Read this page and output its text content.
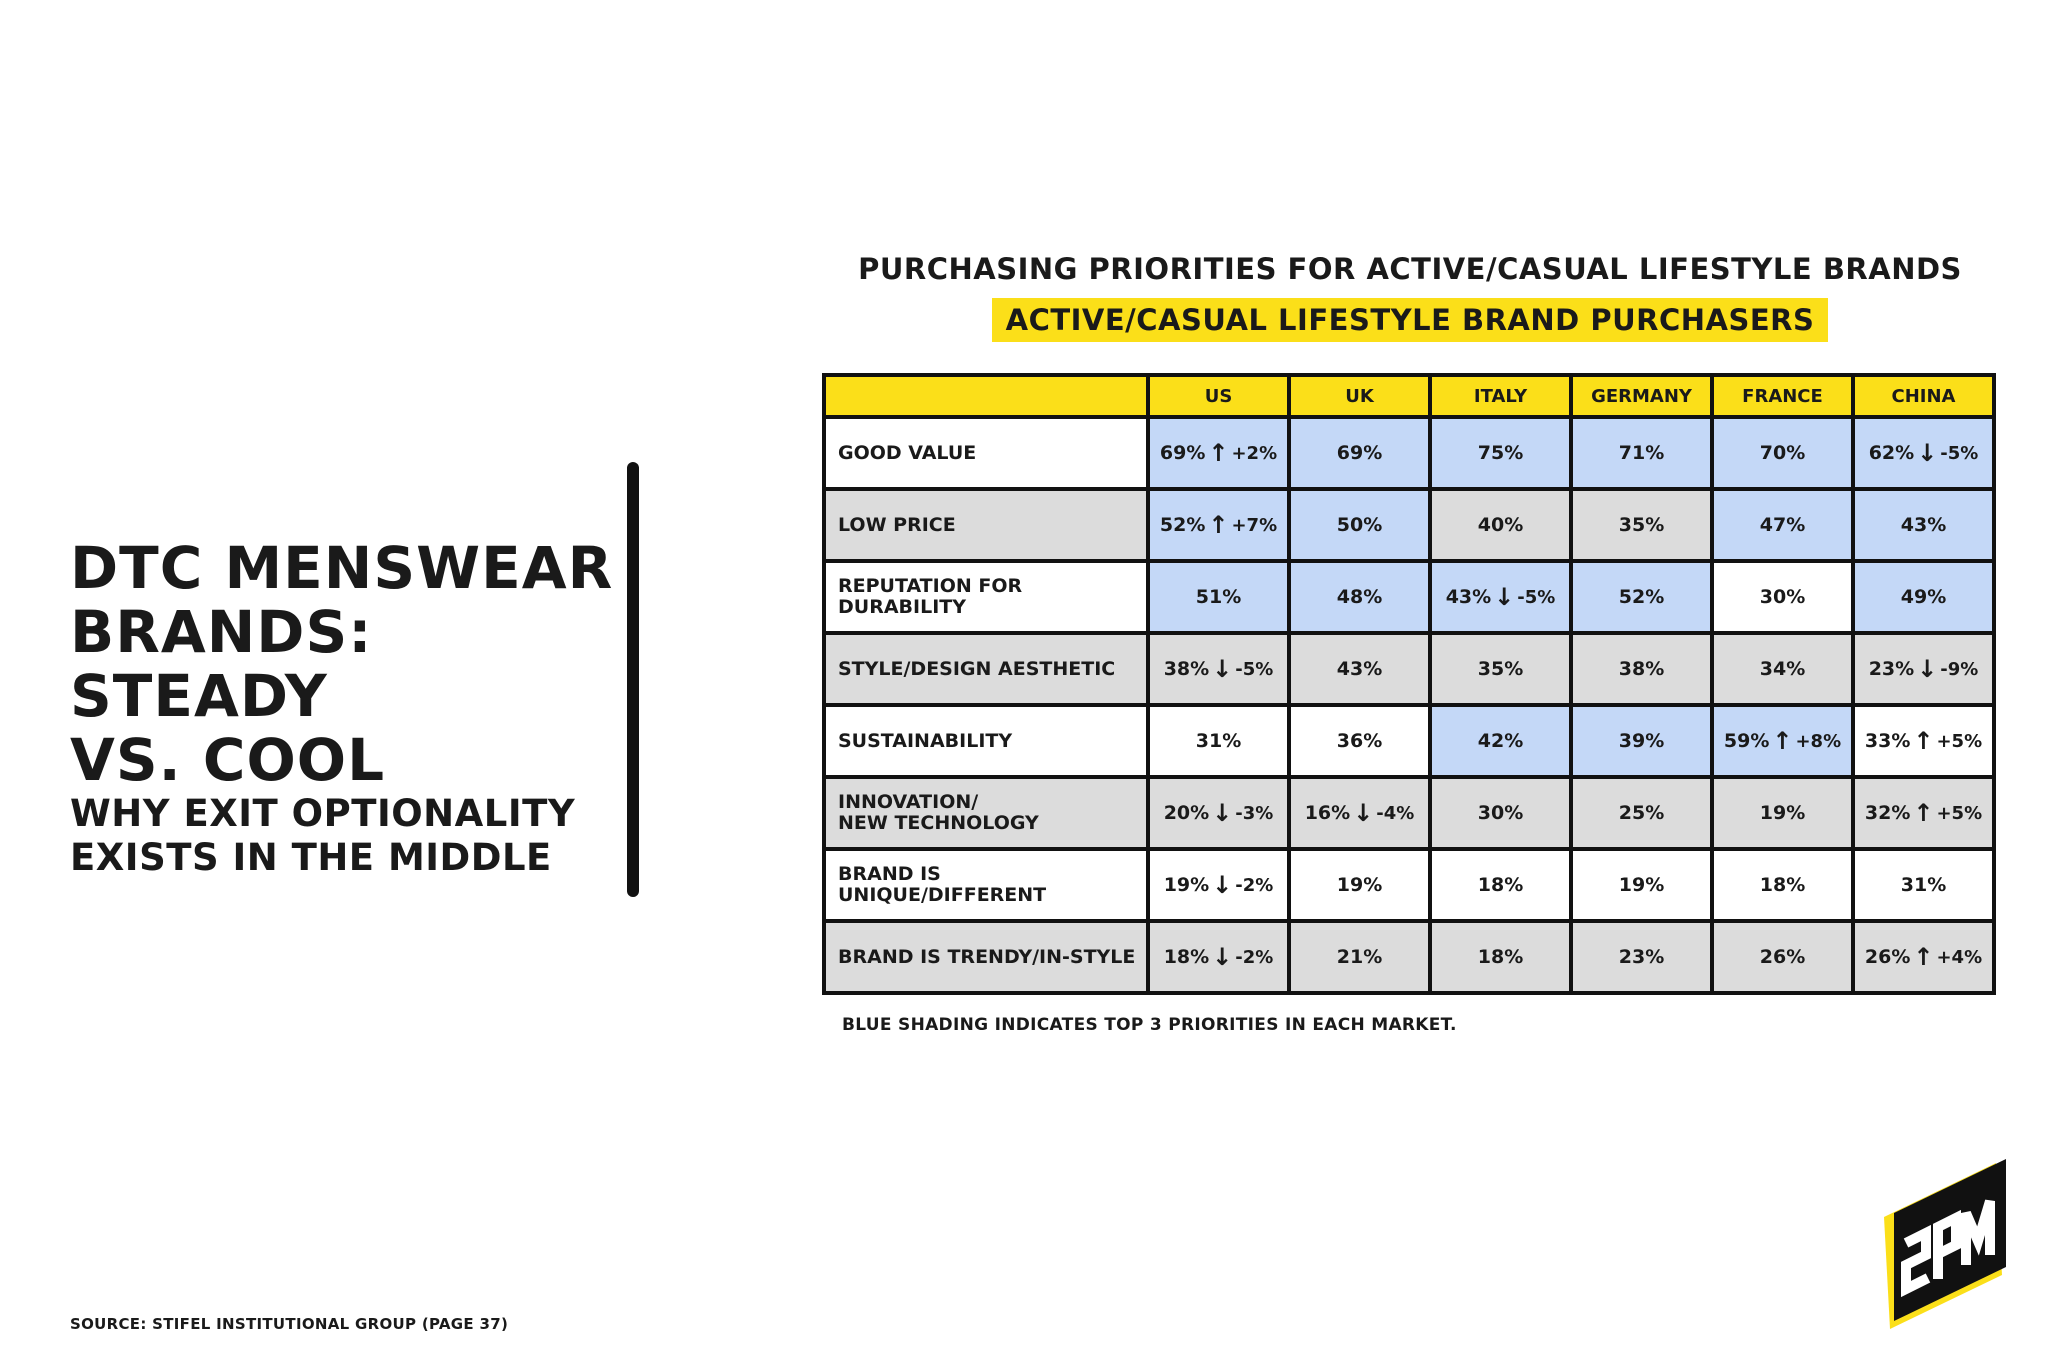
DTC MENSWEAR
BRANDS: STEADY
VS. COOL
WHY EXIT OPTIONALITY
EXISTS IN THE MIDDLE
PURCHASING PRIORITIES FOR ACTIVE/CASUAL LIFESTYLE BRANDS
ACTIVE/CASUAL LIFESTYLE BRAND PURCHASERS
	US	UK	ITALY	GERMANY	FRANCE	CHINA
GOOD VALUE	69% ↑ +2%	69%	75%	71%	70%	62% ↓ -5%
LOW PRICE	52% ↑ +7%	50%	40%	35%	47%	43%
REPUTATION FOR DURABILITY	51%	48%	43% ↓ -5%	52%	30%	49%
STYLE/DESIGN AESTHETIC	38% ↓ -5%	43%	35%	38%	34%	23% ↓ -9%
SUSTAINABILITY	31%	36%	42%	39%	59% ↑ +8%	33% ↑ +5%
INNOVATION/
NEW TECHNOLOGY	20% ↓ -3%	16% ↓ -4%	30%	25%	19%	32% ↑ +5%
BRAND IS UNIQUE/DIFFERENT	19% ↓ -2%	19%	18%	19%	18%	31%
BRAND IS TRENDY/IN-STYLE	18% ↓ -2%	21%	18%	23%	26%	26% ↑ +4%
BLUE SHADING INDICATES TOP 3 PRIORITIES IN EACH MARKET.
SOURCE: STIFEL INSTITUTIONAL GROUP (PAGE 37)
